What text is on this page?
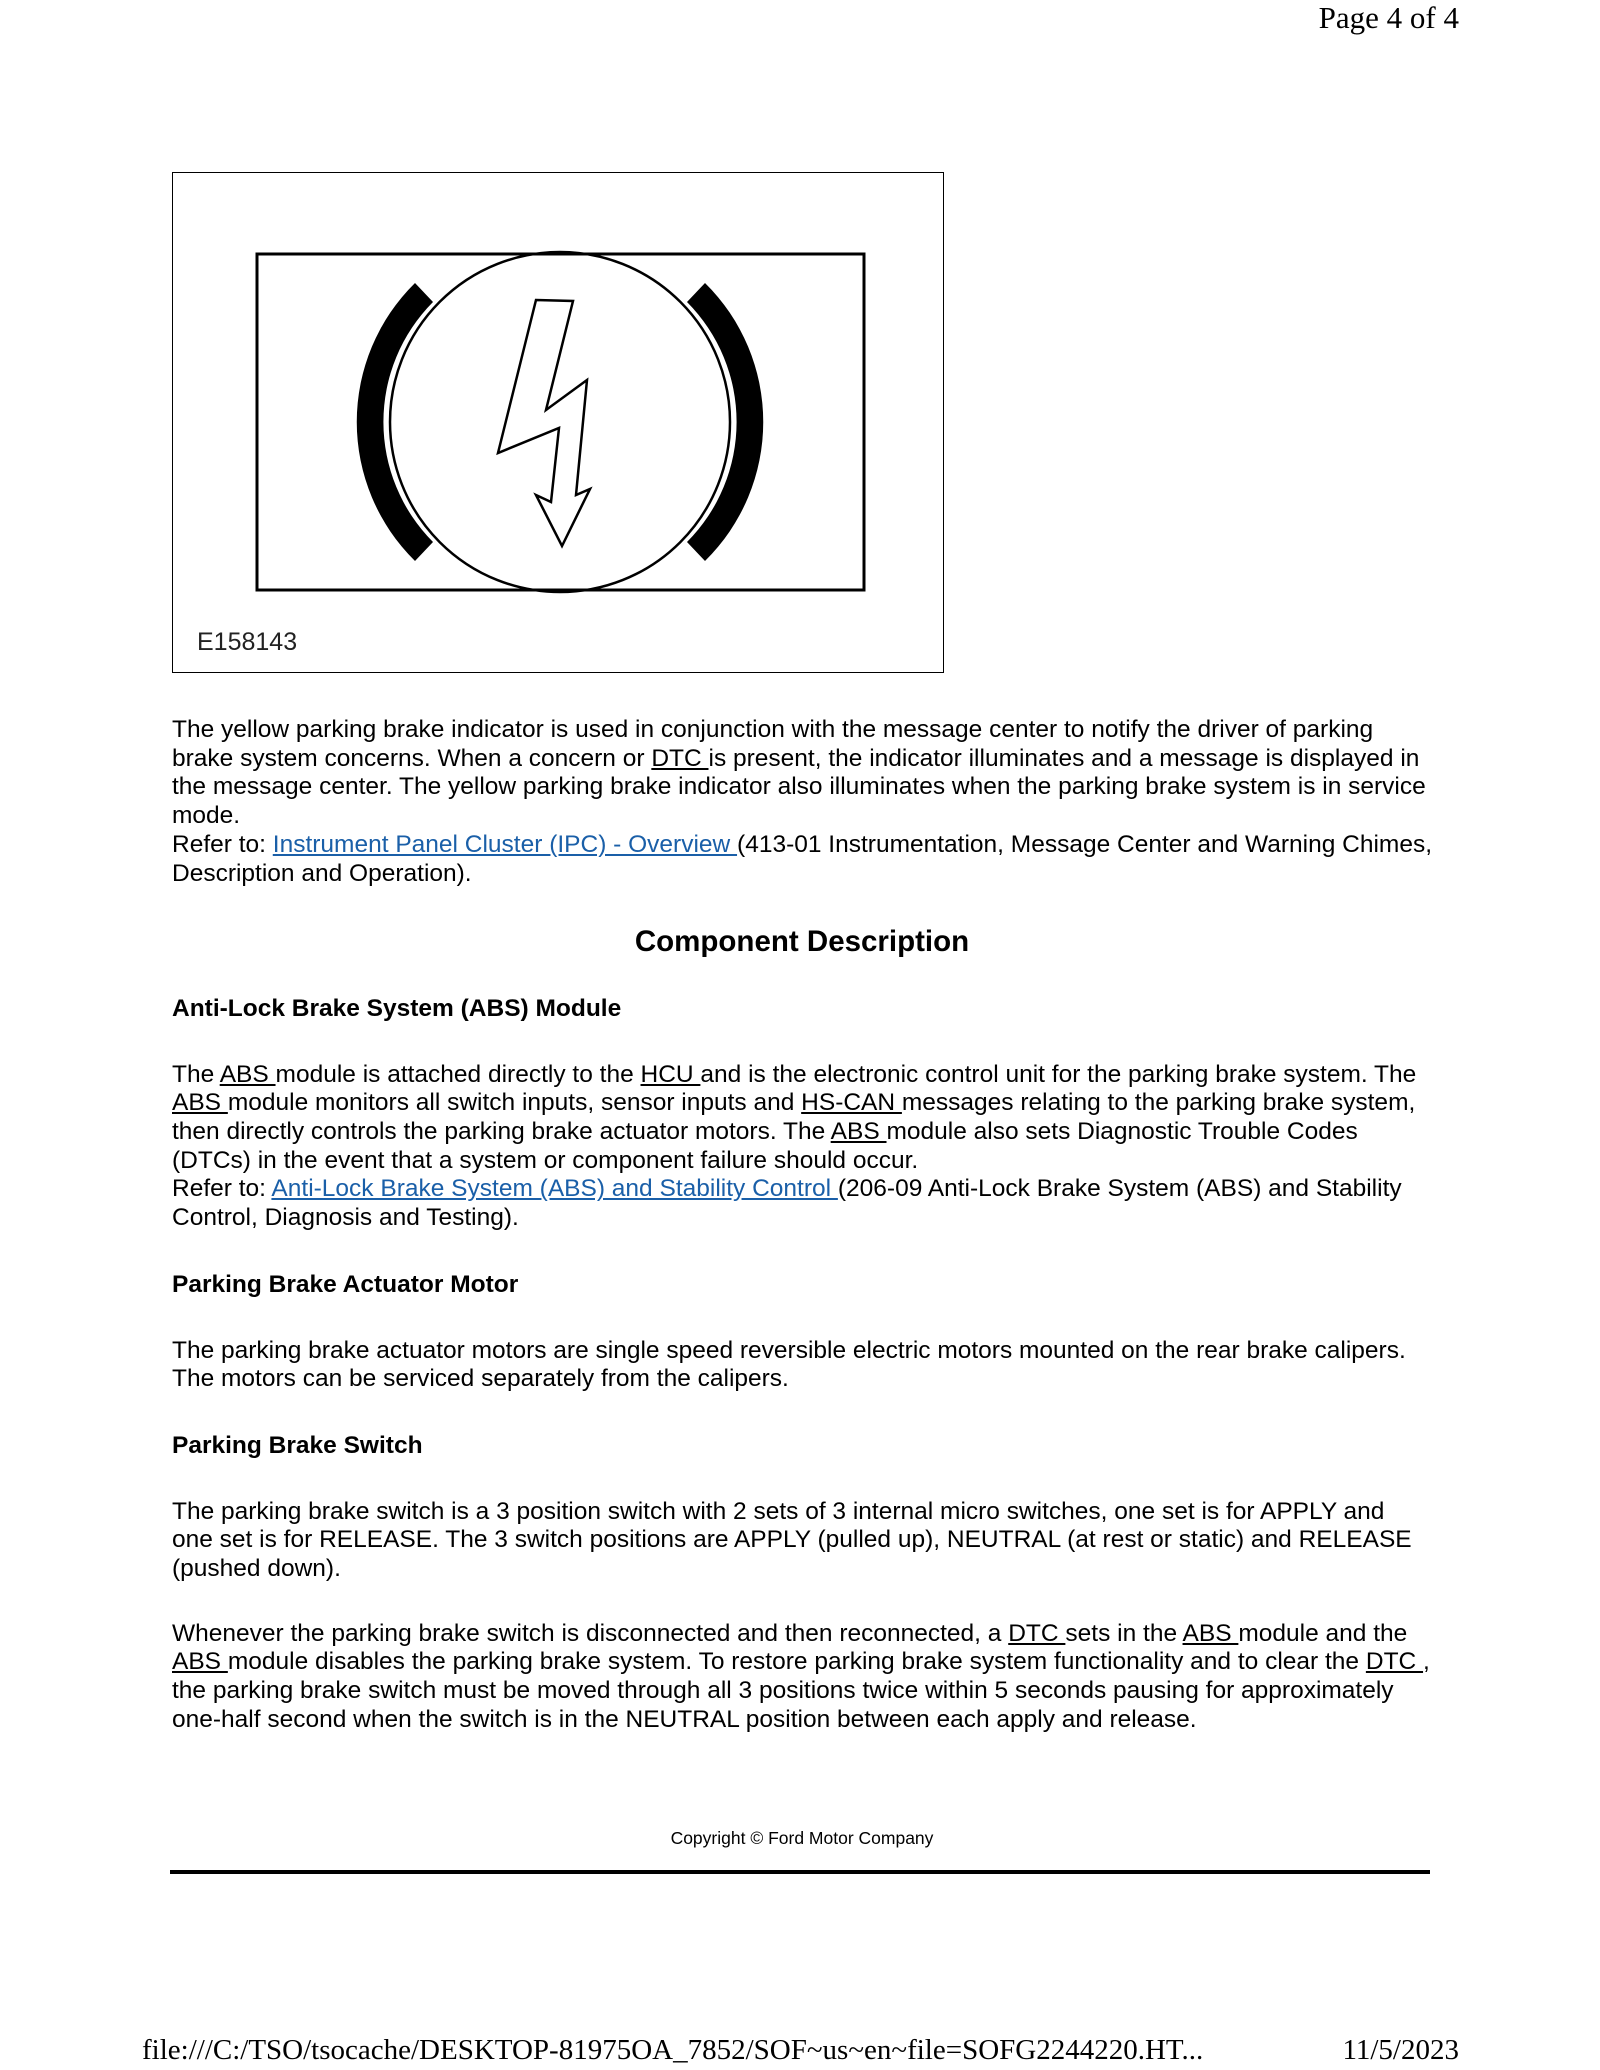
Page 4 of 4
E158143

The yellow parking brake indicator is used in conjunction with the message center to notify the driver of parking brake system concerns. When a concern or DTC is present, the indicator illuminates and a message is displayed in the message center. The yellow parking brake indicator also illuminates when the parking brake system is in service mode.
Refer to: Instrument Panel Cluster (IPC) - Overview (413-01 Instrumentation, Message Center and Warning Chimes, Description and Operation).

Component Description

Anti-Lock Brake System (ABS) Module

The ABS module is attached directly to the HCU and is the electronic control unit for the parking brake system. The ABS module monitors all switch inputs, sensor inputs and HS-CAN messages relating to the parking brake system, then directly controls the parking brake actuator motors. The ABS module also sets Diagnostic Trouble Codes (DTCs) in the event that a system or component failure should occur.
Refer to: Anti-Lock Brake System (ABS) and Stability Control (206-09 Anti-Lock Brake System (ABS) and Stability Control, Diagnosis and Testing).

Parking Brake Actuator Motor

The parking brake actuator motors are single speed reversible electric motors mounted on the rear brake calipers. The motors can be serviced separately from the calipers.

Parking Brake Switch

The parking brake switch is a 3 position switch with 2 sets of 3 internal micro switches, one set is for APPLY and one set is for RELEASE. The 3 switch positions are APPLY (pulled up), NEUTRAL (at rest or static) and RELEASE (pushed down).

Whenever the parking brake switch is disconnected and then reconnected, a DTC sets in the ABS module and the ABS module disables the parking brake system. To restore parking brake system functionality and to clear the DTC , the parking brake switch must be moved through all 3 positions twice within 5 seconds pausing for approximately one-half second when the switch is in the NEUTRAL position between each apply and release.

Copyright © Ford Motor Company
file:///C:/TSO/tsocache/DESKTOP-81975OA_7852/SOF~us~en~file=SOFG2244220.HT...	11/5/2023
